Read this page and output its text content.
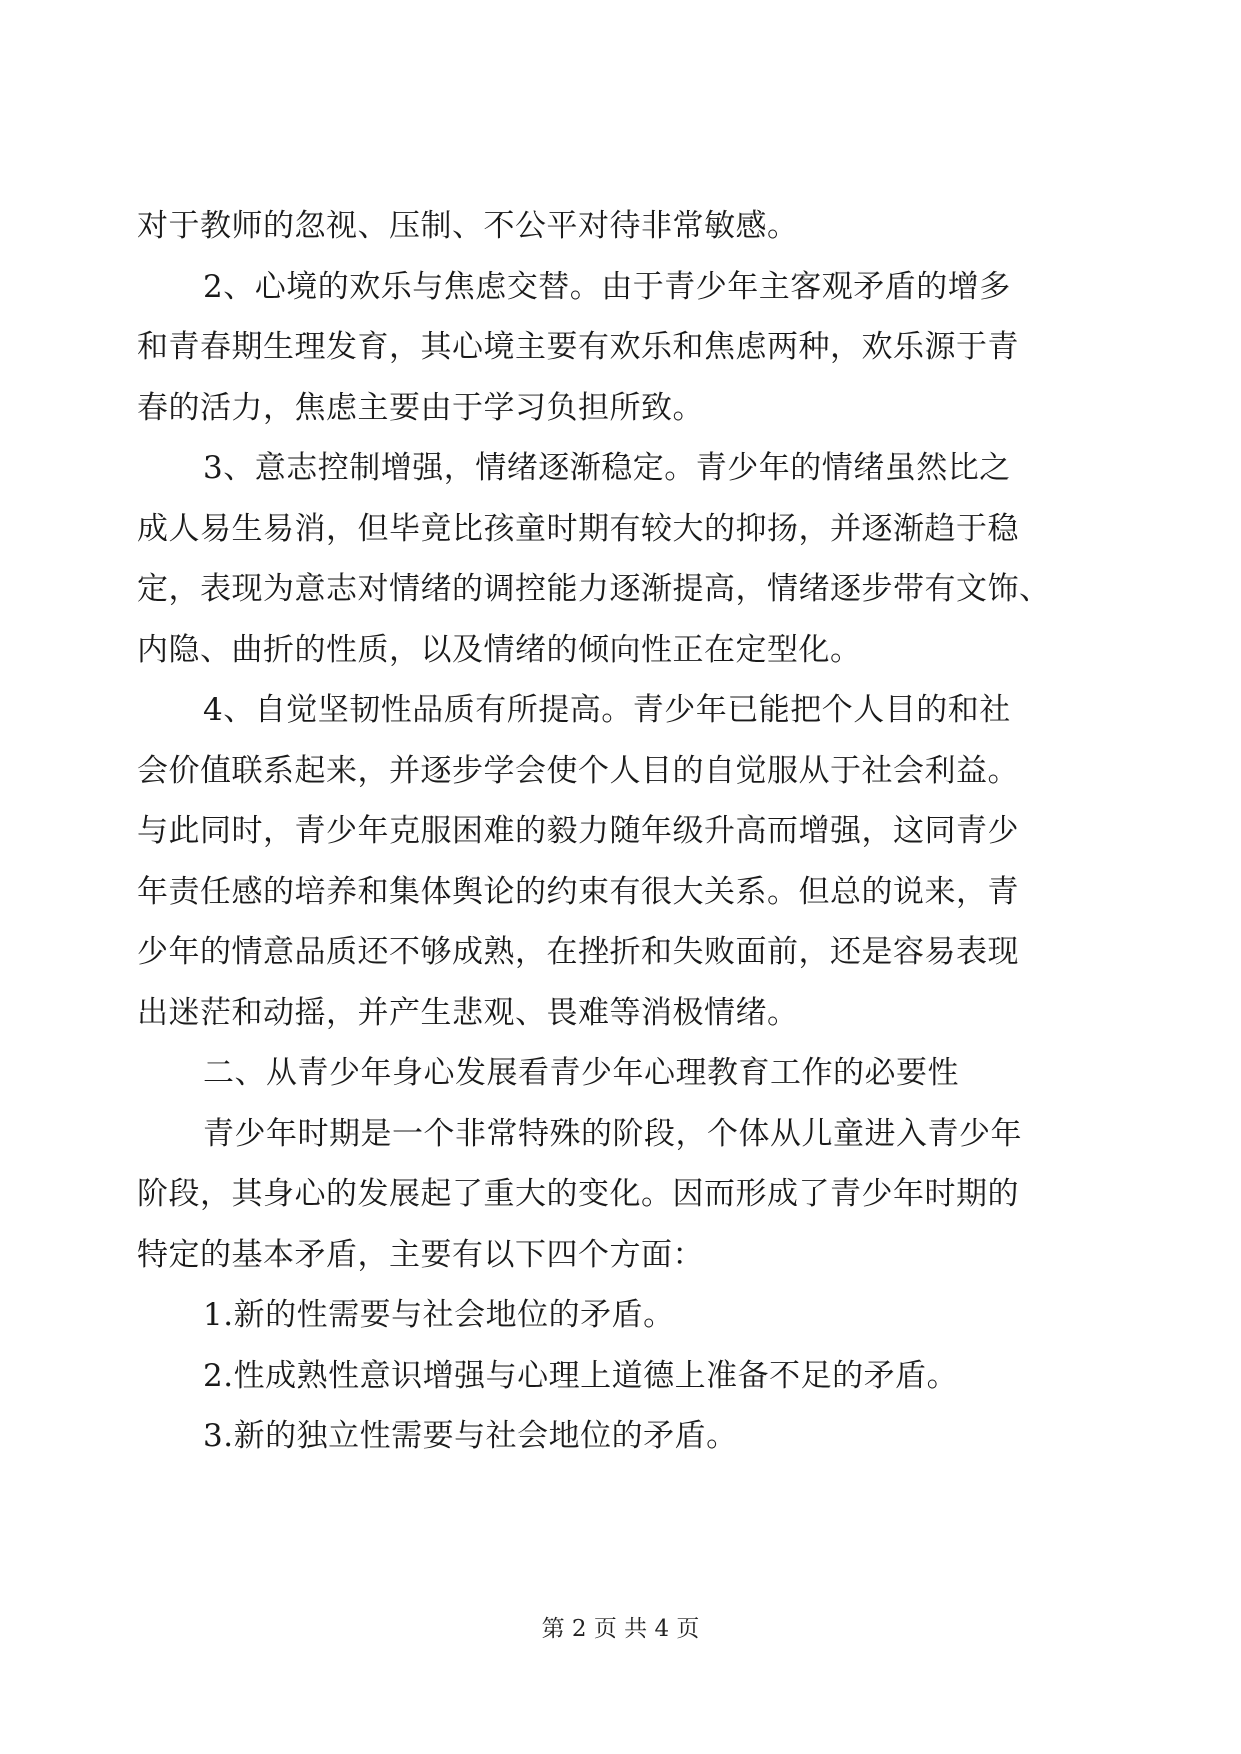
对于教师的忽视、压制、不公平对待非常敏感。
2、心境的欢乐与焦虑交替。由于青少年主客观矛盾的增多
和青春期生理发育，其心境主要有欢乐和焦虑两种，欢乐源于青
春的活力，焦虑主要由于学习负担所致。
3、意志控制增强，情绪逐渐稳定。青少年的情绪虽然比之
成人易生易消，但毕竟比孩童时期有较大的抑扬，并逐渐趋于稳
定，表现为意志对情绪的调控能力逐渐提高，情绪逐步带有文饰、
内隐、曲折的性质，以及情绪的倾向性正在定型化。
4、自觉坚韧性品质有所提高。青少年已能把个人目的和社
会价值联系起来，并逐步学会使个人目的自觉服从于社会利益。
与此同时，青少年克服困难的毅力随年级升高而增强，这同青少
年责任感的培养和集体舆论的约束有很大关系。但总的说来，青
少年的情意品质还不够成熟，在挫折和失败面前，还是容易表现
出迷茫和动摇，并产生悲观、畏难等消极情绪。
二、从青少年身心发展看青少年心理教育工作的必要性
青少年时期是一个非常特殊的阶段，个体从儿童进入青少年
阶段，其身心的发展起了重大的变化。因而形成了青少年时期的
特定的基本矛盾，主要有以下四个方面：
1.新的性需要与社会地位的矛盾。
2.性成熟性意识增强与心理上道德上准备不足的矛盾。
3.新的独立性需要与社会地位的矛盾。
第 2 页 共 4 页
